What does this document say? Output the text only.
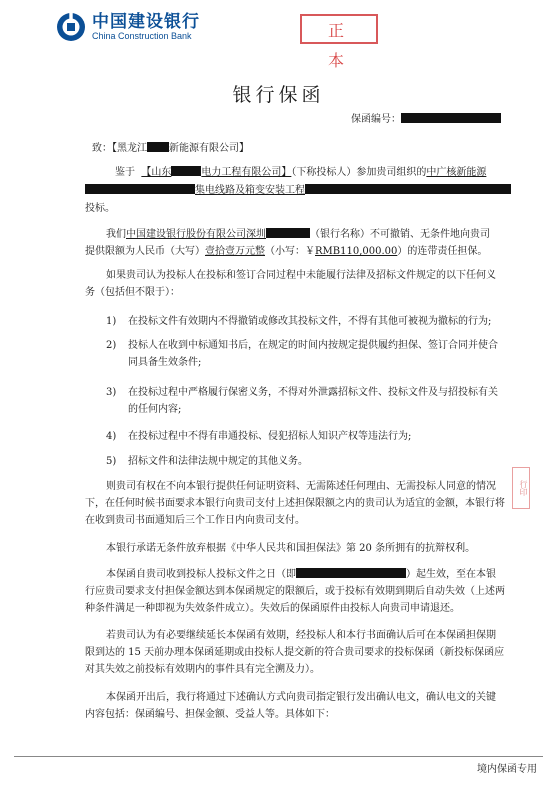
中国建设银行
China Construction Bank	正本
银行保函
保函编号：
致：【黑龙江 新能源有限公司】
鉴于 【山东	电力工程有限公司】（下称投标人）参加贵司组织的中广核新能源
集电线路及箱变安装工程
投标。
我们中国建设银行股份有限公司深圳	（银行名称）不可撤销、无条件地向贵司
提供限额为人民币（大写）壹拾壹万元整（小写：￥RMB110,000.00）的连带责任担保。
如果贵司认为投标人在投标和签订合同过程中未能履行法律及招标文件规定的以下任何义务（包括但不限于）：
1) 在投标文件有效期内不得撤销或修改其投标文件，不得有其他可被视为撤标的行为;
2) 投标人在收到中标通知书后，在规定的时间内按规定提供履约担保、签订合同并使合同具备生效条件;
3) 在投标过程中严格履行保密义务，不得对外泄露招标文件、投标文件及与招投标有关的任何内容;
4) 在投标过程中不得有串通投标、侵犯招标人知识产权等违法行为;
5) 招标文件和法律法规中规定的其他义务。
则贵司有权在不向本银行提供任何证明资料、无需陈述任何理由、无需投标人同意的情况下，在任何时候书面要求本银行向贵司支付上述担保限额之内的贵司认为适宜的金额，本银行将在收到贵司书面通知后三个工作日内向贵司支付。
本银行承诺无条件放弃根据《中华人民共和国担保法》第 20 条所拥有的抗辩权利。
本保函自贵司收到投标人投标文件之日（即	）起生效，至在本银行应贵司要求支付担保金额达到本保函规定的限额后，或于投标有效期到期后自动失效（上述两种条件满足一种即视为失效条件成立）。失效后的保函原件由投标人向贵司申请退还。
若贵司认为有必要继续延长本保函有效期，经投标人和本行书面确认后可在本保函担保期限到达的 15 天前办理本保函延期或由投标人提交新的符合贵司要求的投标保函（新投标保函应对其失效之前投标有效期内的事件具有完全溯及力）。
本保函开出后，我行将通过下述确认方式向贵司指定银行发出确认电文，确认电文的关键内容包括：保函编号、担保金额、受益人等。具体如下：
行印
境内保函专用
